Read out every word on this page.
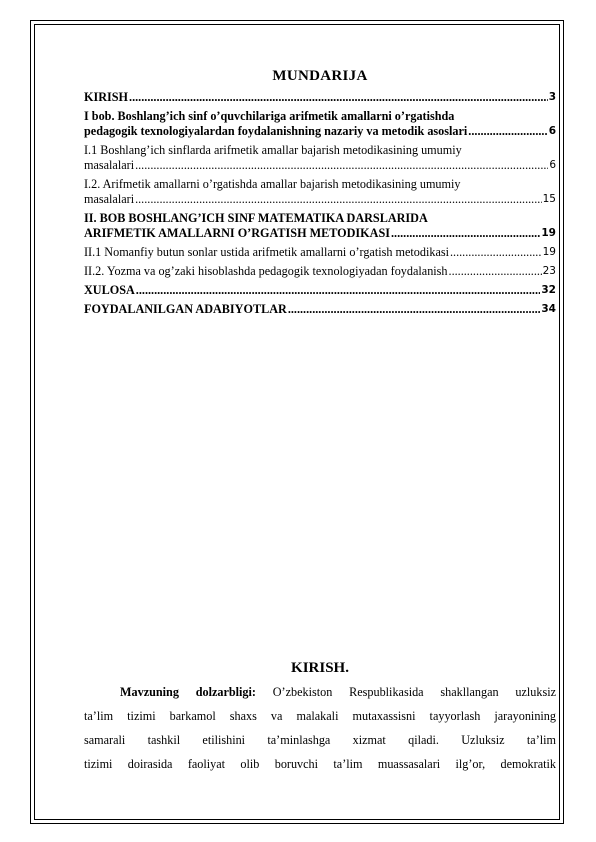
MUNDARIJA
KIRISH .....	3
I bob. Boshlang’ich sinf o’quvchilariga arifmetik amallarni o’rgatishda
pedagogik texnologiyalardan foydalanishning nazariy va metodik asoslari .....	6
I.1 Boshlang’ich sinflarda arifmetik amallar bajarish metodikasining umumiy
masalalari .....	6
I.2. Arifmetik amallarni o’rgatishda amallar bajarish metodikasining umumiy
masalalari .....	15
II. BOB BOSHLANG’ICH SINF MATEMATIKA DARSLARIDA
ARIFMETIK AMALLARNI O’RGATISH METODIKASI .....	19
II.1 Nomanfiy butun sonlar ustida arifmetik amallarni o’rgatish metodikasi .....	19
II.2. Yozma va og’zaki hisoblashda pedagogik texnologiyadan foydalanish .....	23
XULOSA .....	32
FOYDALANILGAN ADABIYOTLAR .....	34
KIRISH.
Mavzuning dolzarbligi: O’zbekiston Respublikasida shakllangan uzluksiz
ta’lim tizimi barkamol shaxs va malakali mutaxassisni tayyorlash jarayonining
samarali tashkil etilishini ta’minlashga xizmat qiladi. Uzluksiz ta’lim
tizimi doirasida faoliyat olib boruvchi ta’lim muassasalari ilg’or, demokratik
